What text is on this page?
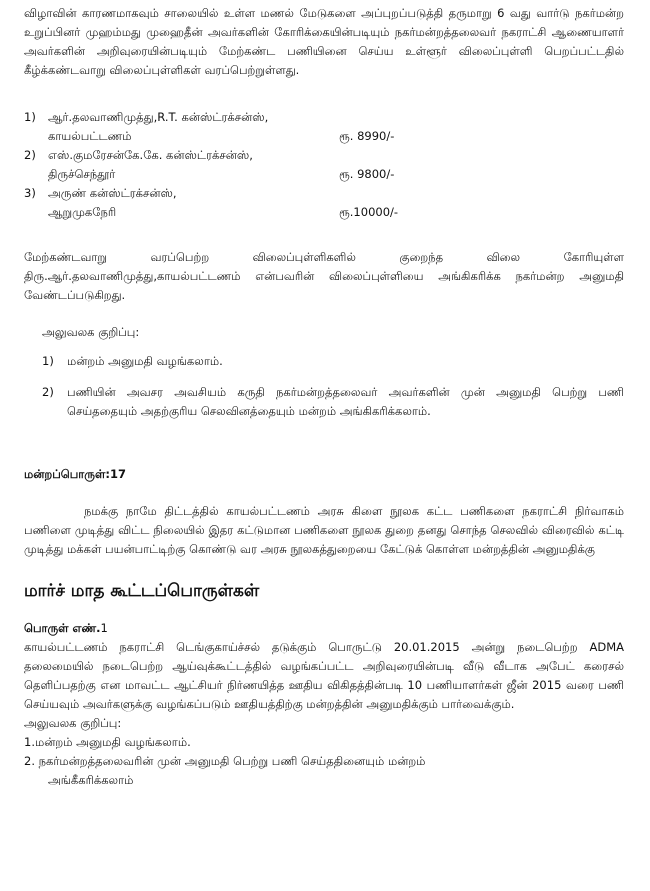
விழாவின் காரணமாகவும் சாலையில் உள்ள மணல் மேடுகளை அப்புறப்படுத்தி தருமாறு 6 வது வார்டு நகர்மன்ற உறுப்பினர் முஹம்மது முஹைதீன் அவர்களின் கோரிக்கையின்படியும் நகர்மன்றத்தலைவர் நகராட்சி ஆணையாளர் அவர்களின் அறிவுரையின்படியும் மேற்கண்ட பணியினை செய்ய உள்ளூர் விலைப்புள்ளி பெறப்பட்டதில் கீழ்க்கண்டவாறு விலைப்புள்ளிகள் வரப்பெற்றுள்ளது.

1)	ஆர்.தலவாணிமுத்து,R.T. கன்ஸ்ட்ரக்சன்ஸ்,
காயல்பட்டணம்	ரூ. 8990/-
2)	எஸ்.குமரேசன்கே.கே. கன்ஸ்ட்ரக்சன்ஸ்,
திருச்செந்தூர்	ரூ. 9800/-
3)	அருண் கன்ஸ்ட்ரக்சன்ஸ்,
ஆறுமுகநேரி	ரூ.10000/-

மேற்கண்டவாறு வரப்பெற்ற விலைப்புள்ளிகளில் குறைந்த விலை கோரியுள்ள திரு.ஆர்.தலவாணிமுத்து,காயல்பட்டணம் என்பவரின் விலைப்புள்ளியை அங்கிகரிக்க நகர்மன்ற அனுமதி வேண்டப்படுகிறது.

அலுவலக குறிப்பு:

1)	மன்றம் அனுமதி வழங்கலாம்.
2)	பணியின் அவசர அவசியம் கருதி நகர்மன்றத்தலைவர் அவர்களின் முன் அனுமதி பெற்று பணி செய்ததையும் அதற்குரிய செலவினத்தையும் மன்றம் அங்கிகரிக்கலாம்.

மன்றப்பொருள்:17

நமக்கு நாமே திட்டத்தில் காயல்பட்டணம் அரசு கிளை நூலக கட்ட பணிகளை நகராட்சி நிர்வாகம் பணிளை முடித்து விட்ட நிலையில் இதர கட்டுமான பணிகளை நூலக துறை தனது சொந்த செலவில் விரைவில் கட்டி முடித்து மக்கள் பயன்பாட்டிற்கு கொண்டு வர அரசு நூலகத்துறையை கேட்டுக் கொள்ள மன்றத்தின் அனுமதிக்கு

மார்ச் மாத கூட்டப்பொருள்கள்

பொருள் எண்.1

காயல்பட்டணம் நகராட்சி டெங்குகாய்ச்சல் தடுக்கும் பொருட்டு 20.01.2015 அன்று நடைபெற்ற ADMA தலைமையில் நடைபெற்ற ஆய்வுக்கூட்டத்தில் வழங்கப்பட்ட அறிவுரையின்படி வீடு வீடாக அபேட் கரைசல் தெளிப்பதற்கு என மாவட்ட ஆட்சியர் நிர்ணயித்த ஊதிய விகிதத்தின்படி 10 பணியாளர்கள் ஜீன் 2015 வரை பணி செய்யவும் அவர்களுக்கு வழங்கப்படும் ஊதியத்திற்கு மன்றத்தின் அனுமதிக்கும் பார்வைக்கும்.

அலுவலக குறிப்பு:
1.மன்றம் அனுமதி வழங்கலாம்.
2. நகர்மன்றத்தலைவரின் முன் அனுமதி பெற்று பணி செய்ததினையும் மன்றம்
அங்கீகரிக்கலாம்
